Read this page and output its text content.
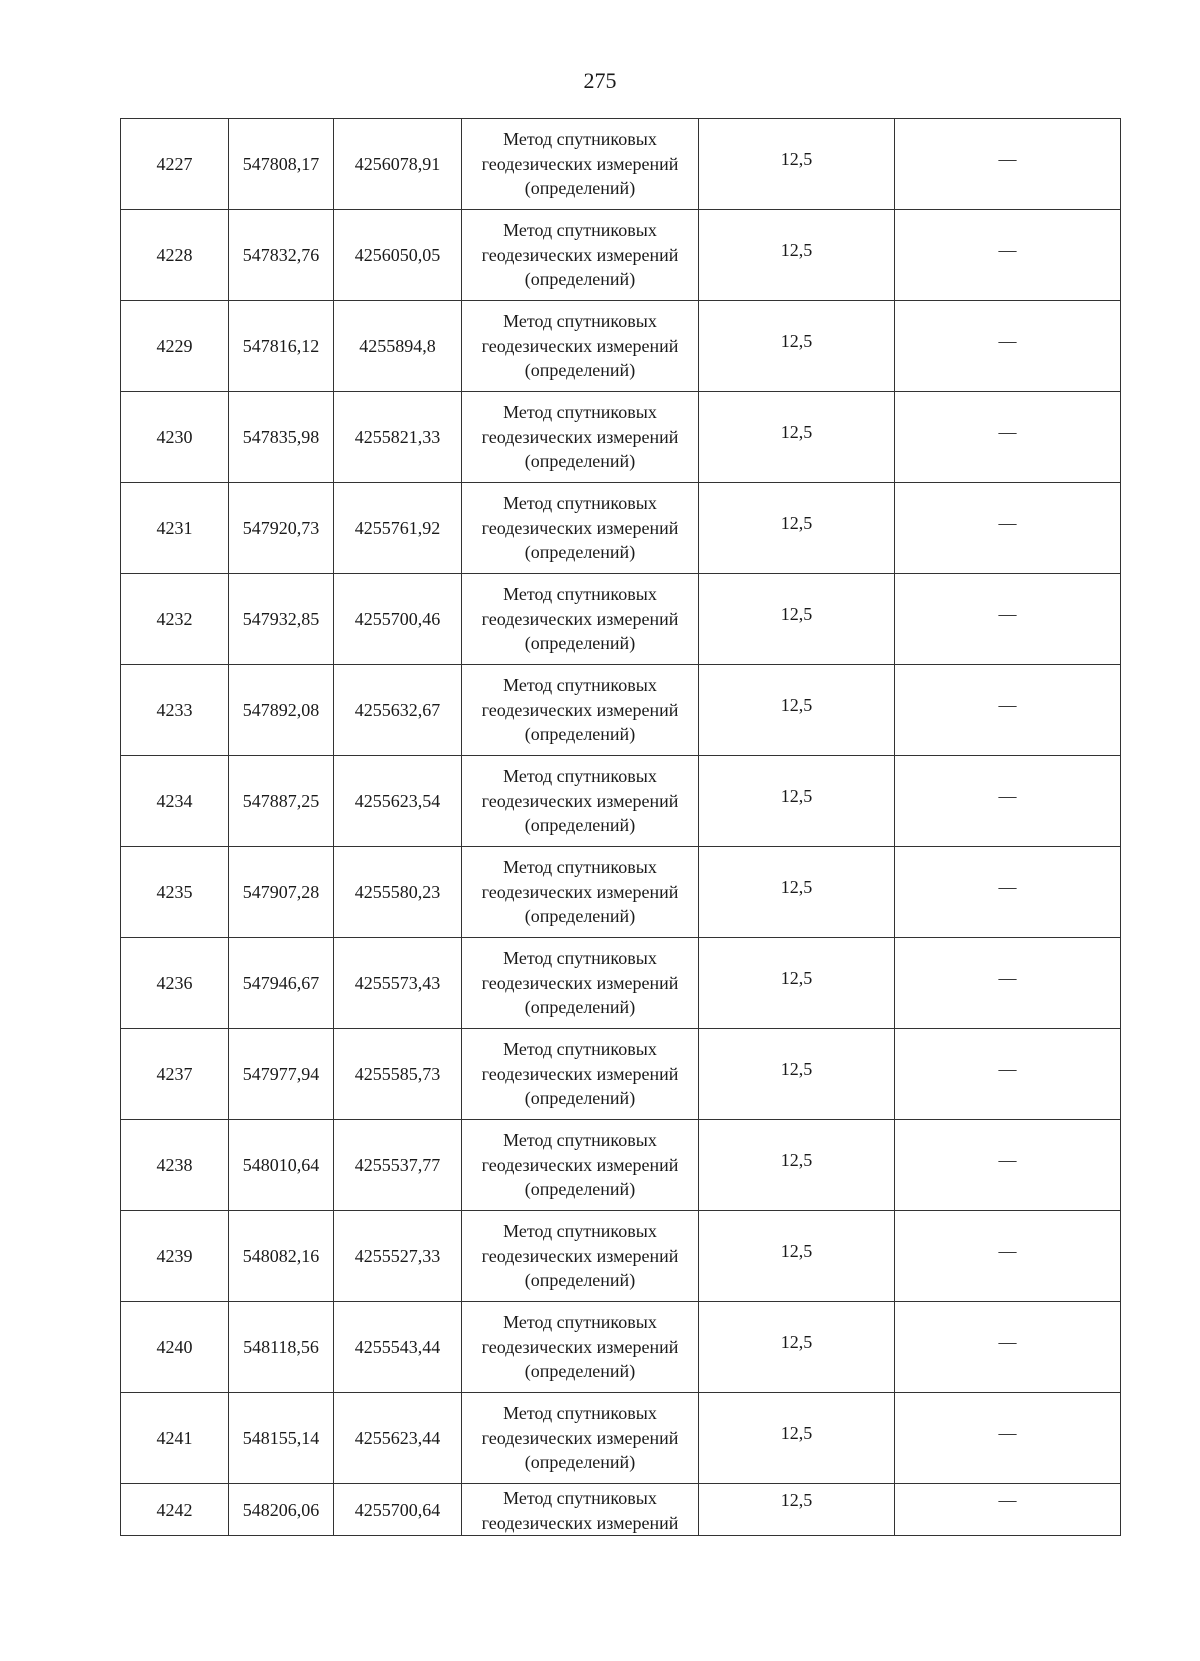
275
4227	547808,17	4256078,91	Метод спутниковых
геодезических измерений
(определений)	12,5	—
4228	547832,76	4256050,05	Метод спутниковых
геодезических измерений
(определений)	12,5	—
4229	547816,12	4255894,8	Метод спутниковых
геодезических измерений
(определений)	12,5	—
4230	547835,98	4255821,33	Метод спутниковых
геодезических измерений
(определений)	12,5	—
4231	547920,73	4255761,92	Метод спутниковых
геодезических измерений
(определений)	12,5	—
4232	547932,85	4255700,46	Метод спутниковых
геодезических измерений
(определений)	12,5	—
4233	547892,08	4255632,67	Метод спутниковых
геодезических измерений
(определений)	12,5	—
4234	547887,25	4255623,54	Метод спутниковых
геодезических измерений
(определений)	12,5	—
4235	547907,28	4255580,23	Метод спутниковых
геодезических измерений
(определений)	12,5	—
4236	547946,67	4255573,43	Метод спутниковых
геодезических измерений
(определений)	12,5	—
4237	547977,94	4255585,73	Метод спутниковых
геодезических измерений
(определений)	12,5	—
4238	548010,64	4255537,77	Метод спутниковых
геодезических измерений
(определений)	12,5	—
4239	548082,16	4255527,33	Метод спутниковых
геодезических измерений
(определений)	12,5	—
4240	548118,56	4255543,44	Метод спутниковых
геодезических измерений
(определений)	12,5	—
4241	548155,14	4255623,44	Метод спутниковых
геодезических измерений
(определений)	12,5	—
4242	548206,06	4255700,64	Метод спутниковых
геодезических измерений	12,5	—
